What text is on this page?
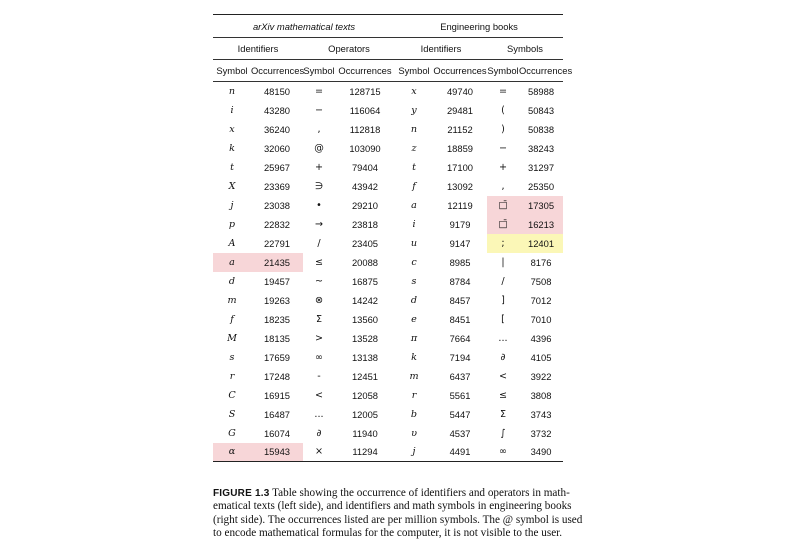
arXiv mathematical texts				Engineering books			
Identifiers		Operators		Identifiers		Symbols	
Symbol	Occurrences	Symbol	Occurrences	Symbol	Occurrences	Symbol	Occurrences
n	48150	=	128715	x	49740	=	58988
i	43280	−	116064	y	29481	(	50843
x	36240	,	112818	n	21152	)	50838
k	32060	@	103090	z	18859	−	38243
t	25967	+	79404	t	17100	+	31297
X	23369	∋	43942	f	13092	,	25350
j	23038	•	29210	a	12119	□̄	17305
p	22832	→	23818	i	9179	□̄	16213
A	22791	/	23405	u	9147	;	12401
a	21435	≤	20088	c	8985	|	8176
d	19457	~	16875	s	8784	/	7508
m	19263	⊗	14242	d	8457	]	7012
f	18235	Σ	13560	e	8451	[	7010
M	18135	>	13528	π	7664	...	4396
s	17659	∞	13138	k	7194	∂	4105
r	17248	-	12451	m	6437	<	3922
C	16915	<	12058	r	5561	≤	3808
S	16487	...	12005	b	5447	Σ	3743
G	16074	∂	11940	υ	4537	∫	3732
α	15943	×	11294	j	4491	∞	3490
FIGURE 1.3 Table showing the occurrence of identifiers and operators in math-
ematical texts (left side), and identifiers and math symbols in engineering books
(right side). The occurrences listed are per million symbols. The @ symbol is used
to encode mathematical formulas for the computer, it is not visible to the user.
